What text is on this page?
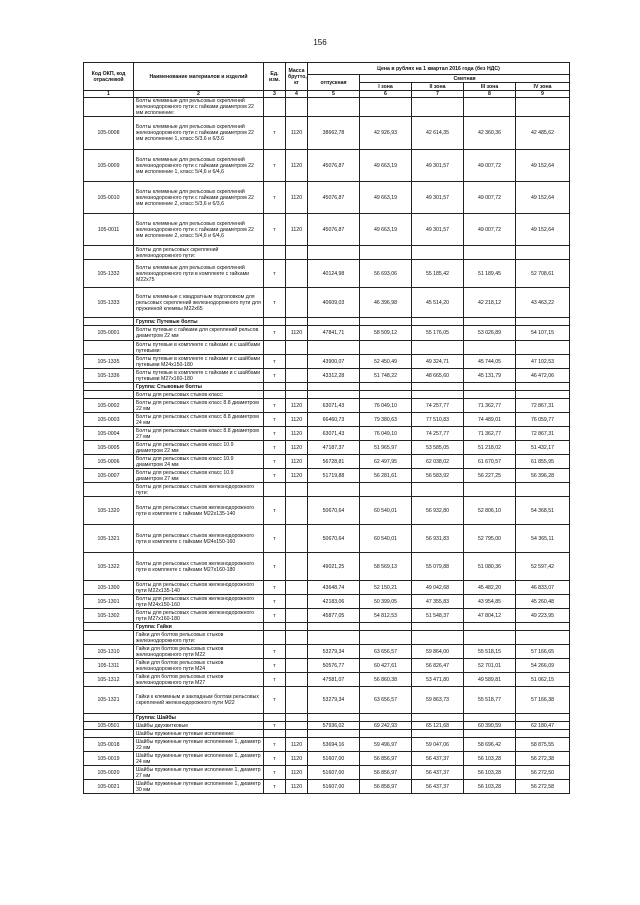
156
Код ОКП, код отраслевой	Наименование материалов и изделий	Ед. изм.	Масса брутто, кг	Цена в рублях на 1 квартал 2016 года (без НДС)				
				отпускная	Сметная			
					I зона	II зона	III зона	IV зона
1	2	3	4	5	6	7	8	9
	Болты клеммные для рельсовых скреплений железнодорожного пути с гайками диаметром 22 мм исполнение:							
105-0008	Болты клеммные для рельсовых скреплений железнодорожного пути с гайками диаметром 22 мм исполнение 1, класс 5/3.6 и 6/3.6	т	1120	38662,78	42 926,93	42 614,35	42 360,36	42 485,62
105-0009	Болты клеммные для рельсовых скреплений железнодорожного пути с гайками диаметром 22 мм исполнение 1, класс 5/4,6 и 6/4,6	т	1120	45076,87	49 663,19	49 301,57	49 007,72	49 152,64
105-0010	Болты клеммные для рельсовых скреплений железнодорожного пути с гайками диаметром 22 мм исполнение 2, класс 5/3,6 и 6/3,6	т	1120	45076,87	49 663,19	49 301,57	49 007,72	49 152,64
105-0011	Болты клеммные для рельсовых скреплений железнодорожного пути с гайками диаметром 22 мм исполнение 2, класс 5/4,6 и 6/4,6	т	1120	45076,87	49 663,19	49 301,57	49 007,72	49 152,64
	Болты для рельсовых скреплений железнодорожного пути:							
105-1332	Болты клеммные для рельсовых скреплений железнодорожного пути в комплекте с гайками М22х75	т		40124,98	56 693,06	55 185,42	51 189,45	52 708,61
105-1333	Болты клеммные с квадратным подголовком для рельсовых скреплений железнодорожного пути для пружинной клеммы М22х65	т		40609,03	46 396,98	45 514,20	42 218,12	43 463,22
	Группа: Путевые болты							
105-0001	Болты путевые с гайками для скреплений рельсов диаметром 22 мм	т	1120	47841,71	58 509,12	55 176,05	53 026,89	54 107,15
	Болты путевые в комплекте с гайками и с шайбами путевыми:							
105-1335	Болты путевые в комплекте с гайками и с шайбами путевыми М24х150-180	т		43900,07	52 450,49	49 324,71	45 744,05	47 102,53
105-1336	Болты путевые в комплекте с гайками и с шайбами путевыми М27х160-180	т		43312,28	51 748,22	48 665,60	45 131,79	46 472,06
	Группа: Стыковые болты							
	Болты для рельсовых стыков класс:							
105-0002	Болты для рельсовых стыков класс 8.8 диаметром 22 мм	т	1120	63071,43	76 049,10	74 257,77	71 362,77	72 867,31
105-0003	Болты для рельсовых стыков класс 8.8 диаметром 24 мм	т	1120	66460,73	79 380,63	77 510,83	74 489,01	76 059,77
105-0004	Болты для рельсовых стыков класс 8.8 диаметром 27 мм	т	1120	63071,43	76 049,10	74 257,77	71 362,77	72 867,31
105-0005	Болты для рельсовых стыков класс 10.9 диаметром 22 мм	т	1120	47187,37	51 965,97	53 585,05	51 218,02	51 432,17
105-0006	Болты для рельсовых стыков класс 10.9 диаметром 24 мм	т	1120	56728,81	62 497,95	62 038,02	61 670,57	61 855,95
105-0007	Болты для рельсовых стыков класс 10.9 диаметром 27 мм	т	1120	51719,88	56 281,61	56 583,92	56 227,25	56 396,28
	Болты для рельсовых стыков железнодорожного пути:							
105-1320	Болты для рельсовых стыков железнодорожного пути в комплекте с гайками М22х135-140	т		50670,64	60 540,01	56 932,80	52 806,10	54 368,51
105-1321	Болты для рельсовых стыков железнодорожного пути в комплекте с гайками М24х150-160	т		50670,64	60 540,01	56 931,83	52 795,00	54 365,11
105-1322	Болты для рельсовых стыков железнодорожного пути в комплекте с гайками М27х160-180	т		49021,25	58 569,13	55 079,88	51 080,36	52 597,42
105-1300	Болты для рельсовых стыков железнодорожного пути М22х135-140	т		43648,74	52 150,21	49 042,68	45 482,20	46 833,07
105-1301	Болты для рельсовых стыков железнодорожного пути М24х150-160	т		42183,06	50 399,05	47 355,83	43 954,85	45 260,48
105-1302	Болты для рельсовых стыков железнодорожного пути М27х160-180	т		45877,05	54 812,53	51 548,37	47 804,12	49 223,95
	Группа: Гайки							
	Гайки для болтов рельсовых стыков железнодорожного пути:							
105-1310	Гайки для болтов рельсовых стыков железнодорожного пути М22	т		53279,34	63 656,57	59 864,00	55 518,15	57 166,65
105-1311	Гайки для болтов рельсовых стыков железнодорожного пути М24	т		50576,77	60 427,61	56 826,47	52 701,01	54 266,09
105-1312	Гайки для болтов рельсовых стыков железнодорожного пути М27	т		47581,07	56 860,38	53 471,80	49 589,81	51 062,15
105-1321	Гайки к клеммным и закладным болтам рельсовых скреплений железнодорожного пути М22	т		53279,34	63 656,57	59 863,73	55 518,77	57 166,38
	Группа: Шайбы							
105-0501	Шайбы двухвитковые	т		57936,02	69 242,93	65 121,68	60 390,59	62 180,47
	Шайбы пружинные путевые исполнение:							
105-0018	Шайбы пружинные путевые исполнение 1, диаметр 22 мм	т	1120	53694,16	59 496,97	59 047,06	58 696,42	58 875,55
105-0019	Шайбы пружинные путевые исполнение 1, диаметр 24 мм	т	1120	51607,00	56 856,97	56 437,37	56 103,28	56 272,38
105-0020	Шайбы пружинные путевые исполнение 1, диаметр 27 мм	т	1120	51607,00	56 856,97	56 437,37	56 103,28	56 272,50
105-0021	Шайбы пружинные путевые исполнение 1, диаметр 30 мм	т	1120	51607,00	56 858,97	56 437,37	56 103,28	56 272,58
